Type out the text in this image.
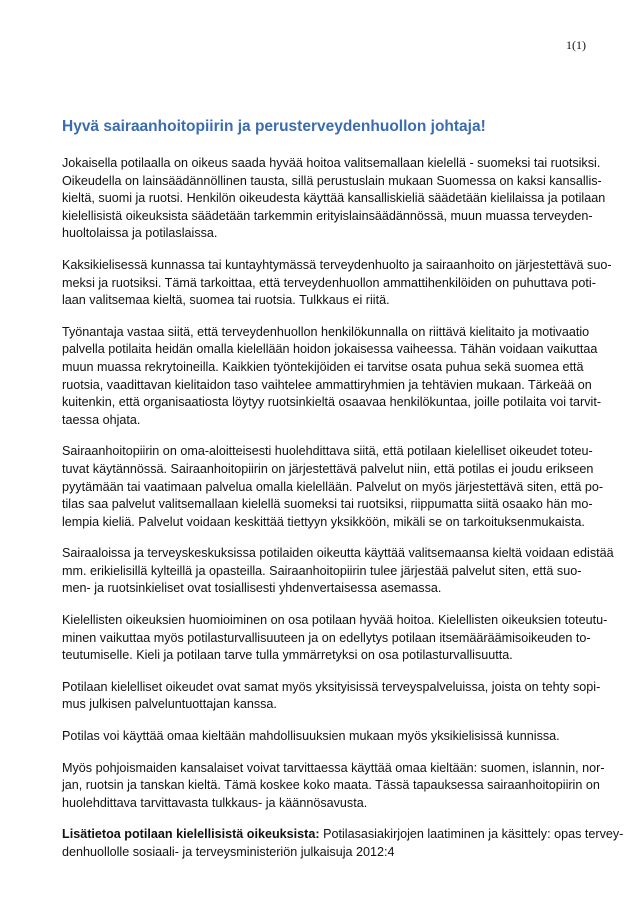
1(1)
Hyvä sairaanhoitopiirin ja perusterveydenhuollon johtaja!

Jokaisella potilaalla on oikeus saada hyvää hoitoa valitsemallaan kielellä - suomeksi tai ruotsiksi.
Oikeudella on lainsäädännöllinen tausta, sillä perustuslain mukaan Suomessa on kaksi kansallis-
kieltä, suomi ja ruotsi. Henkilön oikeudesta käyttää kansalliskieliä säädetään kielilaissa ja potilaan
kielellisistä oikeuksista säädetään tarkemmin erityislainsäädännössä, muun muassa terveyden-
huoltolaissa ja potilaslaissa.

Kaksikielisessä kunnassa tai kuntayhtymässä terveydenhuolto ja sairaanhoito on järjestettävä suo-
meksi ja ruotsiksi. Tämä tarkoittaa, että terveydenhuollon ammattihenkilöiden on puhuttava poti-
laan valitsemaa kieltä, suomea tai ruotsia. Tulkkaus ei riitä.

Työnantaja vastaa siitä, että terveydenhuollon henkilökunnalla on riittävä kielitaito ja motivaatio
palvella potilaita heidän omalla kielellään hoidon jokaisessa vaiheessa. Tähän voidaan vaikuttaa
muun muassa rekrytoineilla. Kaikkien työntekijöiden ei tarvitse osata puhua sekä suomea että
ruotsia, vaadittavan kielitaidon taso vaihtelee ammattiryhmien ja tehtävien mukaan. Tärkeää on
kuitenkin, että organisaatiosta löytyy ruotsinkieltä osaavaa henkilökuntaa, joille potilaita voi tarvit-
taessa ohjata.

Sairaanhoitopiirin on oma-aloitteisesti huolehdittava siitä, että potilaan kielelliset oikeudet toteu-
tuvat käytännössä. Sairaanhoitopiirin on järjestettävä palvelut niin, että potilas ei joudu erikseen
pyytämään tai vaatimaan palvelua omalla kielellään. Palvelut on myös järjestettävä siten, että po-
tilas saa palvelut valitsemallaan kielellä suomeksi tai ruotsiksi, riippumatta siitä osaako hän mo-
lempia kieliä. Palvelut voidaan keskittää tiettyyn yksikköön, mikäli se on tarkoituksenmukaista.

Sairaaloissa ja terveyskeskuksissa potilaiden oikeutta käyttää valitsemaansa kieltä voidaan edistää
mm. erikielisillä kylteillä ja opasteilla. Sairaanhoitopiirin tulee järjestää palvelut siten, että suo-
men- ja ruotsinkieliset ovat tosiallisesti yhdenvertaisessa asemassa.

Kielellisten oikeuksien huomioiminen on osa potilaan hyvää hoitoa. Kielellisten oikeuksien toteutu-
minen vaikuttaa myös potilasturvallisuuteen ja on edellytys potilaan itsemääräämisoikeuden to-
teutumiselle. Kieli ja potilaan tarve tulla ymmärretyksi on osa potilasturvallisuutta.

Potilaan kielelliset oikeudet ovat samat myös yksityisissä terveyspalveluissa, joista on tehty sopi-
mus julkisen palveluntuottajan kanssa.

Potilas voi käyttää omaa kieltään mahdollisuuksien mukaan myös yksikielisissä kunnissa.

Myös pohjoismaiden kansalaiset voivat tarvittaessa käyttää omaa kieltään: suomen, islannin, nor-
jan, ruotsin ja tanskan kieltä. Tämä koskee koko maata. Tässä tapauksessa sairaanhoitopiirin on
huolehdittava tarvittavasta tulkkaus- ja käännösavusta.

Lisätietoa potilaan kielellisistä oikeuksista: Potilasasiakirjojen laatiminen ja käsittely: opas tervey-
denhuollolle sosiaali- ja terveysministeriön julkaisuja 2012:4
